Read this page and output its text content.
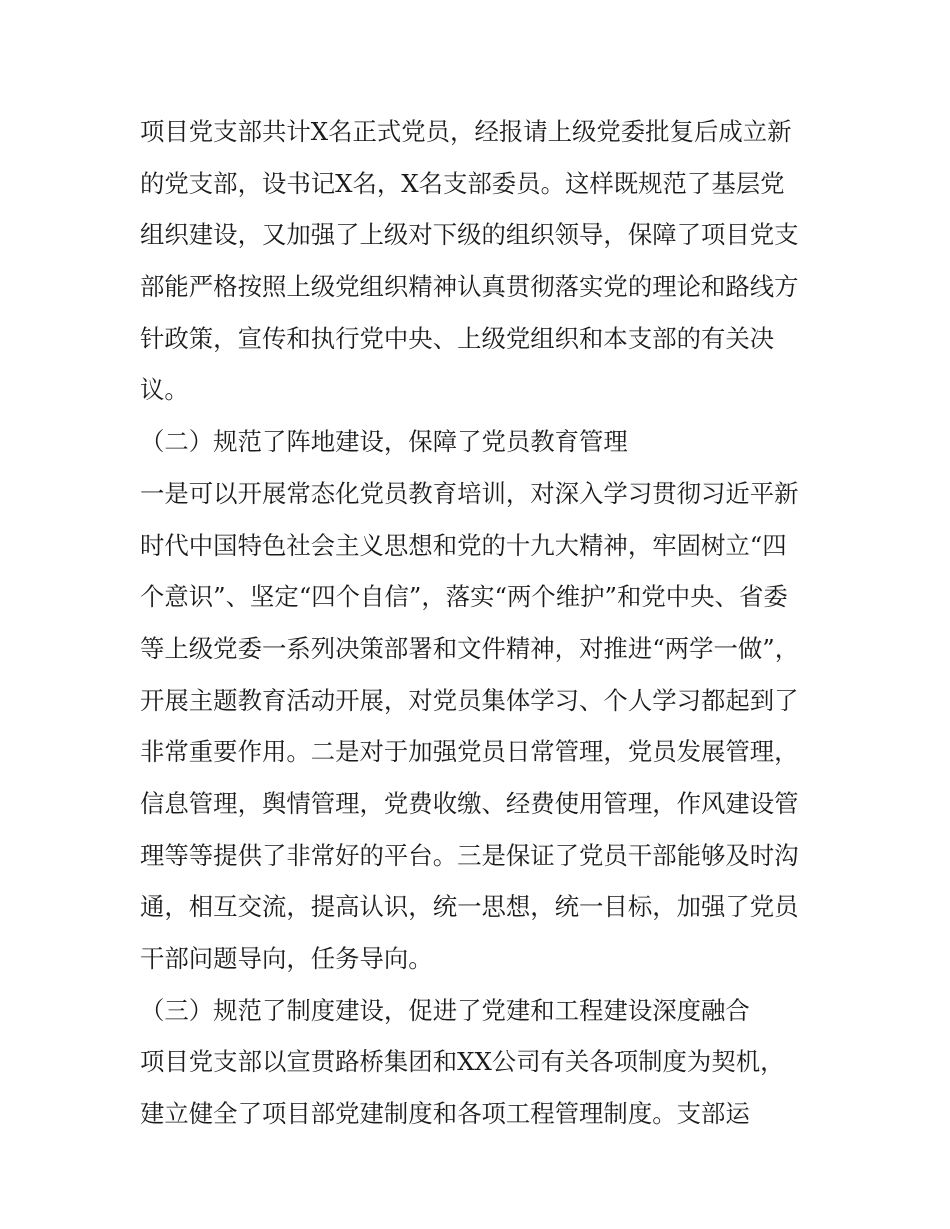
项目党支部共计X名正式党员，经报请上级党委批复后成立新
的党支部，设书记X名，X名支部委员。这样既规范了基层党
组织建设，又加强了上级对下级的组织领导，保障了项目党支
部能严格按照上级党组织精神认真贯彻落实党的理论和路线方
针政策，宣传和执行党中央、上级党组织和本支部的有关决
议。
（二）规范了阵地建设，保障了党员教育管理
一是可以开展常态化党员教育培训，对深入学习贯彻习近平新
时代中国特色社会主义思想和党的十九大精神，牢固树立“四
个意识”、坚定“四个自信”，落实“两个维护”和党中央、省委
等上级党委一系列决策部署和文件精神，对推进“两学一做”，
开展主题教育活动开展，对党员集体学习、个人学习都起到了
非常重要作用。二是对于加强党员日常管理，党员发展管理，
信息管理，舆情管理，党费收缴、经费使用管理，作风建设管
理等等提供了非常好的平台。三是保证了党员干部能够及时沟
通，相互交流，提高认识，统一思想，统一目标，加强了党员
干部问题导向，任务导向。
（三）规范了制度建设，促进了党建和工程建设深度融合
项目党支部以宣贯路桥集团和XX公司有关各项制度为契机，
建立健全了项目部党建制度和各项工程管理制度。支部运
